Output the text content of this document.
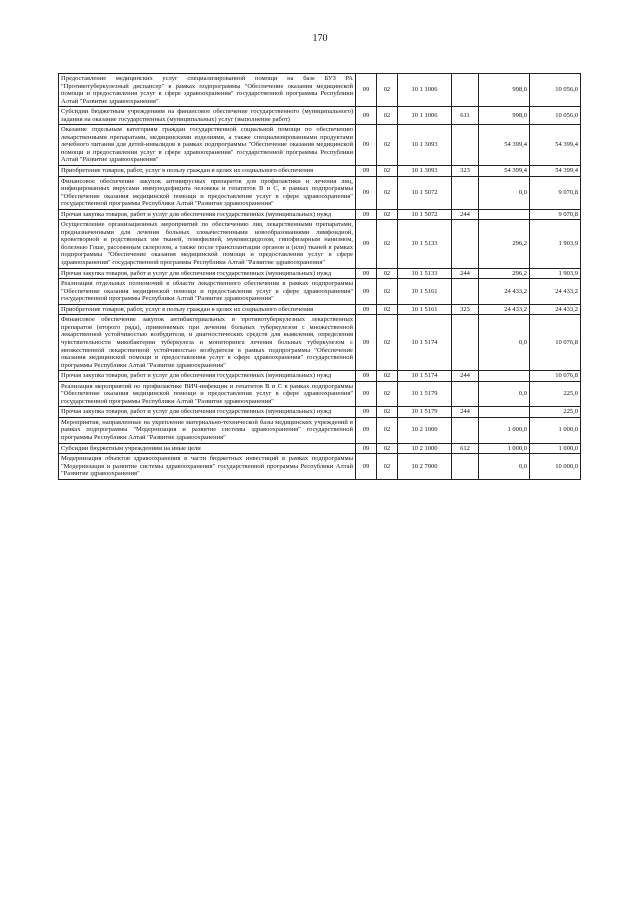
170
Предоставление медицинских услуг специализированной помощи на базе БУЗ РА "Противотуберкулезный диспансер" в рамках подпрограммы "Обеспечение оказания медицинской помощи и предоставления услуг в сфере здравоохранения" государственной программы Республики Алтай "Развитие здравоохранения"	09	02	10 1 1006		998,0	10 056,0
Субсидии бюджетным учреждениям на финансовое обеспечение государственного (муниципального) задания на оказание государственных (муниципальных) услуг (выполнение работ)	09	02	10 1 1006	611	998,0	10 056,0
Оказание отдельным категориям граждан государственной социальной помощи по обеспечению лекарственными препаратами, медицинскими изделиями, а также специализированными продуктами лечебного питания для детей-инвалидов в рамках подпрограммы "Обеспечение оказания медицинской помощи и предоставления услуг в сфере здравоохранения" государственной программы Республики Алтай "Развитие здравоохранения"	09	02	10 1 3093		54 399,4	54 399,4
Приобретение товаров, работ, услуг в пользу граждан в целях их социального обеспечения	09	02	10 1 3093	323	54 399,4	54 399,4
Финансовое обеспечение закупок антивирусных препаратов для профилактики и лечения лиц, инфицированных вирусами иммунодефицита человека и гепатитов В и С, в рамках подпрограммы "Обеспечение оказания медицинской помощи и предоставления услуг в сфере здравоохранения" государственной программы Республики Алтай "Развитие здравоохранения"	09	02	10 1 5072		0,0	9 070,8
Прочая закупка товаров, работ и услуг для обеспечения государственных (муниципальных) нужд	09	02	10 1 5072	244		9 070,8
Осуществление организационных мероприятий по обеспечению лиц лекарственными препаратами, предназначенными для лечения больных злокачественными новообразованиями лимфоидной, кроветворной и родственных им тканей, гемофилией, муковисцидозом, гипофизарным нанизмом, болезнью Гоше, рассеянным склерозом, а также после трансплантации органов и (или) тканей в рамках подпрограммы "Обеспечение оказания медицинской помощи и предоставления услуг в сфере здравоохранения" государственной программы Республики Алтай "Развитие здравоохранения"	09	02	10 1 5133		296,2	1 903,9
Прочая закупка товаров, работ и услуг для обеспечения государственных (муниципальных) нужд	09	02	10 1 5133	244	296,2	1 903,9
Реализация отдельных полномочий в области лекарственного обеспечения в рамках подпрограммы "Обеспечение оказания медицинской помощи и предоставления услуг в сфере здравоохранения" государственной программы Республики Алтай "Развитие здравоохранения"	09	02	10 1 5161		24 433,2	24 433,2
Приобретение товаров, работ, услуг в пользу граждан в целях их социального обеспечения	09	02	10 1 5161	323	24 433,2	24 433,2
Финансовое обеспечение закупок антибактериальных и противотуберкулезных лекарственных препаратов (второго ряда), применяемых при лечении больных туберкулезом с множественной лекарственной устойчивостью возбудителя, и диагностических средств для выявления, определения чувствительности микобактерии туберкулеза и мониторинга лечения больных туберкулезом с множественной лекарственной устойчивостью возбудителя в рамках подпрограммы "Обеспечение оказания медицинской помощи и предоставления услуг в сфере здравоохранения" государственной программы Республики Алтай "Развитие здравоохранения"	09	02	10 1 5174		0,0	10 076,8
Прочая закупка товаров, работ и услуг для обеспечения государственных (муниципальных) нужд	09	02	10 1 5174	244		10 076,8
Реализация мероприятий по профилактике ВИЧ-инфекции и гепатитов В и С в рамках подпрограммы "Обеспечение оказания медицинской помощи и предоставления услуг в сфере здравоохранения" государственной программы Республики Алтай "Развитие здравоохранения"	09	02	10 1 5179		0,0	225,0
Прочая закупка товаров, работ и услуг для обеспечения государственных (муниципальных) нужд	09	02	10 1 5179	244		225,0
Мероприятия, направленные на укрепление материально-технической базы медицинских учреждений в рамках подпрограммы "Модернизация и развитие системы здравоохранения" государственной программы Республики Алтай "Развитие здравоохранения"	09	02	10 2 1000		1 000,0	1 000,0
Субсидии бюджетным учреждениям на иные цели	09	02	10 2 1000	612	1 000,0	1 000,0
Модернизация объектов здравоохранения в части бюджетных инвестиций в рамках подпрограммы "Модернизация и развитие системы здравоохранения" государственной программы Республики Алтай "Развитие здравоохранения"	09	02	10 2 7000		0,0	10 000,0
